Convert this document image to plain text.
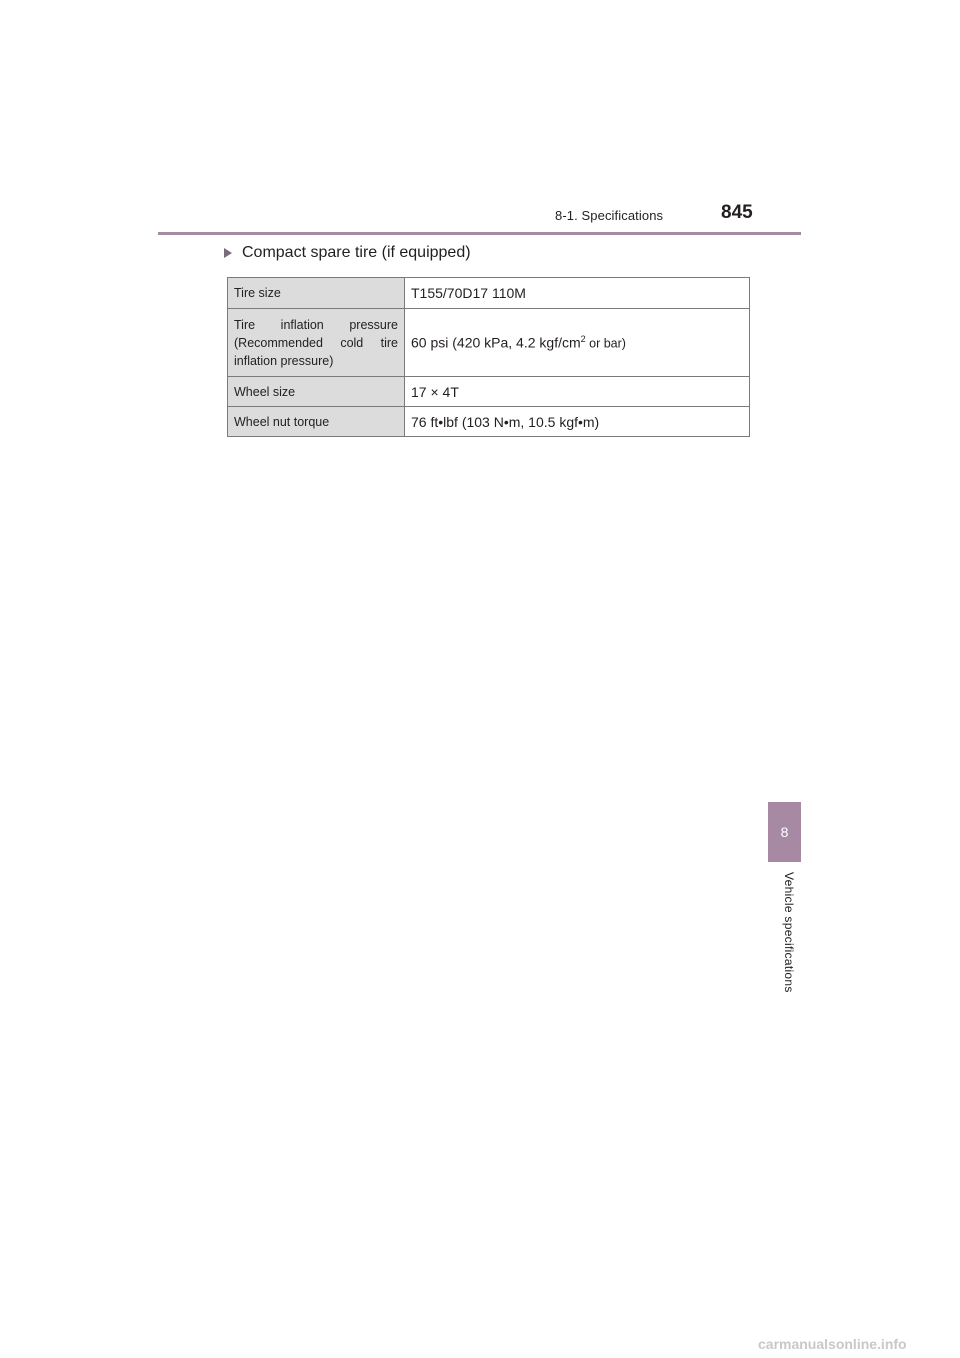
8-1. Specifications	845
Compact spare tire (if equipped)
Tire size	T155/70D17 110M
Tire inflation pressure (Recommended cold tire inflation pressure)	60 psi (420 kPa, 4.2 kgf/$cm^2$ or bar)
Wheel size	17 × 4T
Wheel nut torque	76 ft•lbf (103 N•m, 10.5 kgf•m)
8
Vehicle specifications
carmanualsonline.info
